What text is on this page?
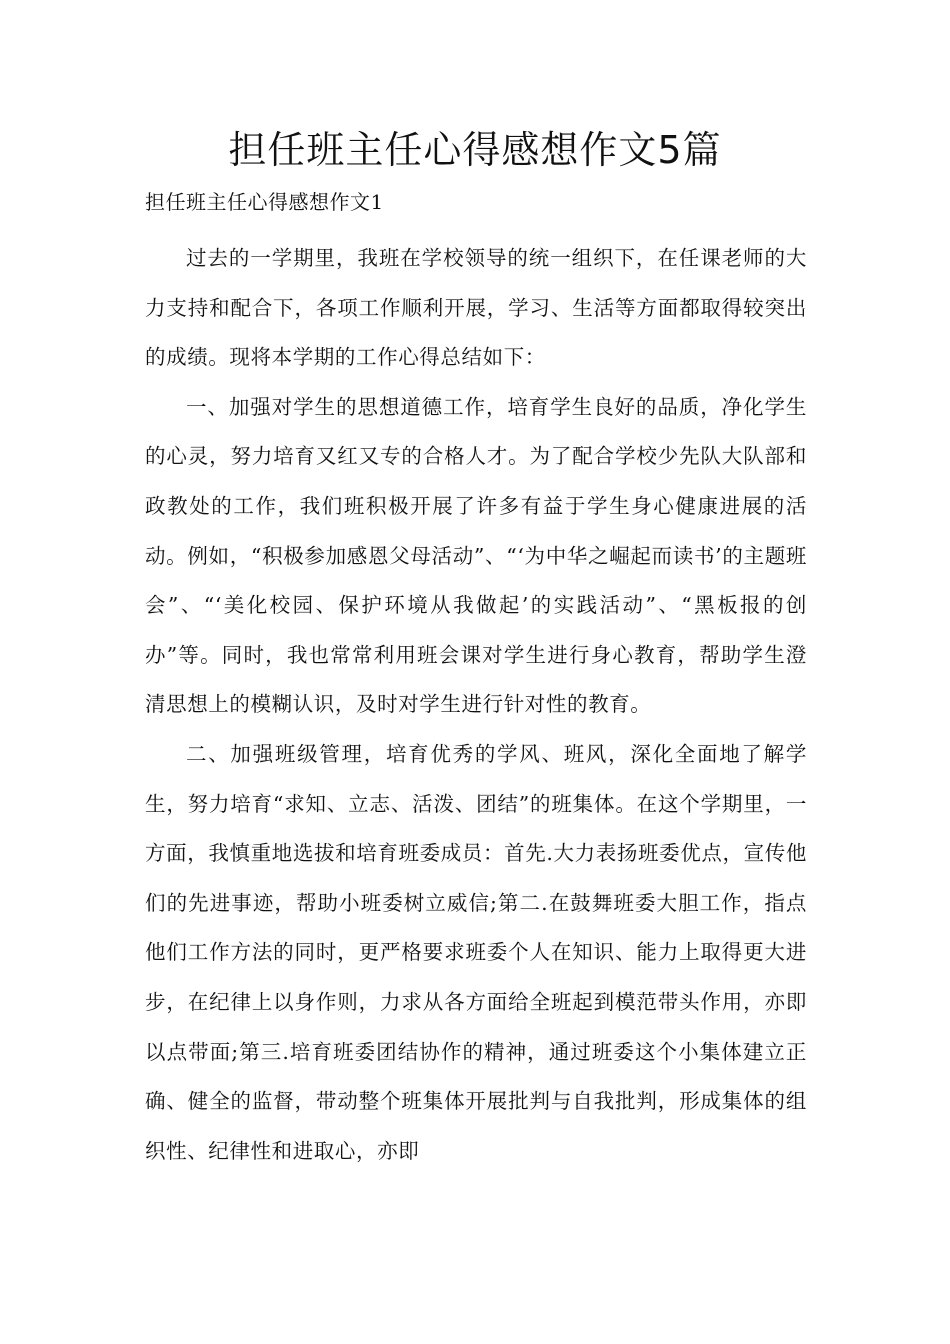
担任班主任心得感想作文5篇

担任班主任心得感想作文1

过去的一学期里，我班在学校领导的统一组织下，在任课老师的大力支持和配合下，各项工作顺利开展，学习、生活等方面都取得较突出的成绩。现将本学期的工作心得总结如下：

一、加强对学生的思想道德工作，培育学生良好的品质，净化学生的心灵，努力培育又红又专的合格人才。为了配合学校少先队大队部和政教处的工作，我们班积极开展了许多有益于学生身心健康进展的活动。例如，“积极参加感恩父母活动”、“‘为中华之崛起而读书’的主题班会”、“‘美化校园、保护环境从我做起’的实践活动”、“黑板报的创办”等。同时，我也常常利用班会课对学生进行身心教育，帮助学生澄清思想上的模糊认识，及时对学生进行针对性的教育。

二、加强班级管理，培育优秀的学风、班风，深化全面地了解学生，努力培育“求知、立志、活泼、团结”的班集体。在这个学期里，一方面，我慎重地选拔和培育班委成员：首先.大力表扬班委优点，宣传他们的先进事迹，帮助小班委树立威信;第二.在鼓舞班委大胆工作，指点他们工作方法的同时，更严格要求班委个人在知识、能力上取得更大进步，在纪律上以身作则，力求从各方面给全班起到模范带头作用，亦即以点带面;第三.培育班委团结协作的精神，通过班委这个小集体建立正确、健全的监督，带动整个班集体开展批判与自我批判，形成集体的组织性、纪律性和进取心，亦即
